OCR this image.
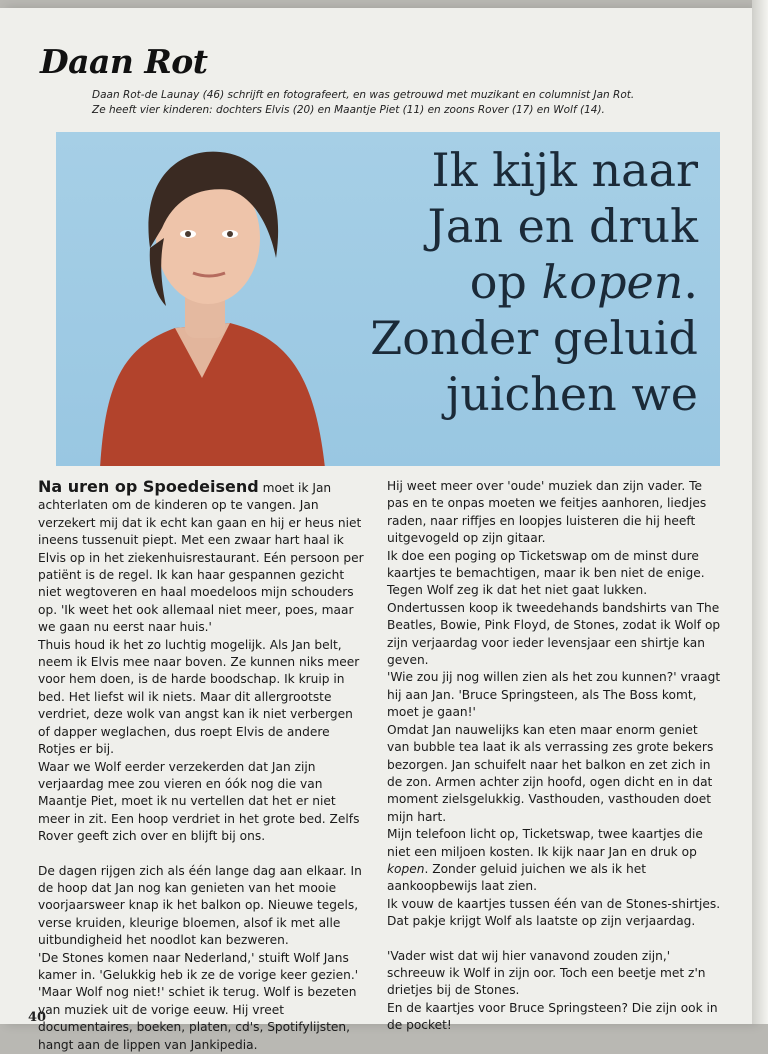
Daan Rot
Daan Rot-de Launay (46) schrijft en fotografeert, en was getrouwd met muzikant en columnist Jan Rot.
Ze heeft vier kinderen: dochters Elvis (20) en Maantje Piet (11) en zoons Rover (17) en Wolf (14).
Ik kijk naar
Jan en druk
op kopen.
Zonder geluid
juichen we

Na uren op Spoedeisend moet ik Jan achterlaten om de kinderen op te vangen. Jan verzekert mij dat ik echt kan gaan en hij er heus niet ineens tussenuit piept. Met een zwaar hart haal ik Elvis op in het ziekenhuisrestaurant. Eén persoon per patiënt is de regel. Ik kan haar gespannen gezicht niet wegtoveren en haal moedeloos mijn schouders op. 'Ik weet het ook allemaal niet meer, poes, maar we gaan nu eerst naar huis.'

Thuis houd ik het zo luchtig mogelijk. Als Jan belt, neem ik Elvis mee naar boven. Ze kunnen niks meer voor hem doen, is de harde boodschap. Ik kruip in bed. Het liefst wil ik niets. Maar dit allergrootste verdriet, deze wolk van angst kan ik niet verbergen of dapper weglachen, dus roept Elvis de andere Rotjes er bij.

Waar we Wolf eerder verzekerden dat Jan zijn verjaardag mee zou vieren en óók nog die van Maantje Piet, moet ik nu vertellen dat het er niet meer in zit. Een hoop verdriet in het grote bed. Zelfs Rover geeft zich over en blijft bij ons.

De dagen rijgen zich als één lange dag aan elkaar. In de hoop dat Jan nog kan genieten van het mooie voorjaarsweer knap ik het balkon op. Nieuwe tegels, verse kruiden, kleurige bloemen, alsof ik met alle uitbundigheid het noodlot kan bezweren.

'De Stones komen naar Nederland,' stuift Wolf Jans kamer in. 'Gelukkig heb ik ze de vorige keer gezien.' 'Maar Wolf nog niet!' schiet ik terug. Wolf is bezeten van muziek uit de vorige eeuw. Hij vreet documentaires, boeken, platen, cd's, Spotifylijsten, hangt aan de lippen van Jankipedia.

Hij weet meer over 'oude' muziek dan zijn vader. Te pas en te onpas moeten we feitjes aanhoren, liedjes raden, naar riffjes en loopjes luisteren die hij heeft uitgevogeld op zijn gitaar.

Ik doe een poging op Ticketswap om de minst dure kaartjes te bemachtigen, maar ik ben niet de enige. Tegen Wolf zeg ik dat het niet gaat lukken. Ondertussen koop ik tweedehands bandshirts van The Beatles, Bowie, Pink Floyd, de Stones, zodat ik Wolf op zijn verjaardag voor ieder levensjaar een shirtje kan geven.

'Wie zou jij nog willen zien als het zou kunnen?' vraagt hij aan Jan. 'Bruce Springsteen, als The Boss komt, moet je gaan!'

Omdat Jan nauwelijks kan eten maar enorm geniet van bubble tea laat ik als verrassing zes grote bekers bezorgen. Jan schuifelt naar het balkon en zet zich in de zon. Armen achter zijn hoofd, ogen dicht en in dat moment zielsgelukkig. Vasthouden, vasthouden doet mijn hart.

Mijn telefoon licht op, Ticketswap, twee kaartjes die niet een miljoen kosten. Ik kijk naar Jan en druk op kopen. Zonder geluid juichen we als ik het aankoopbewijs laat zien.

Ik vouw de kaartjes tussen één van de Stones-shirtjes. Dat pakje krijgt Wolf als laatste op zijn verjaardag.

'Vader wist dat wij hier vanavond zouden zijn,' schreeuw ik Wolf in zijn oor. Toch een beetje met z'n drietjes bij de Stones.

En de kaartjes voor Bruce Springsteen? Die zijn ook in de pocket!

40
